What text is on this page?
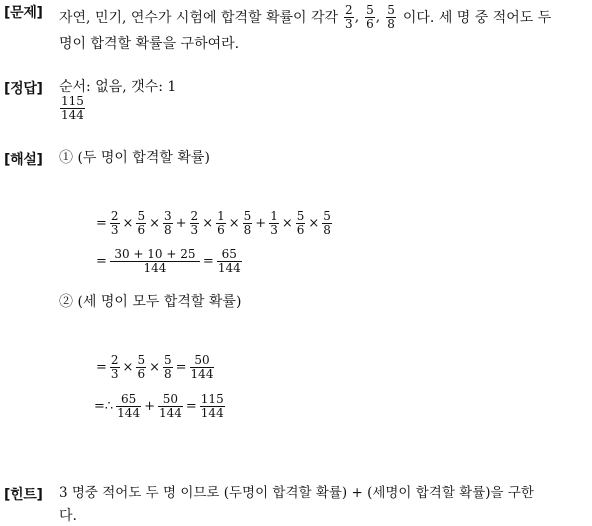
[문제] 자연, 민기, 연수가 시험에 합격할 확률이 각각 $\frac{2}{3}$ , $\frac{5}{6}$ , $\frac{5}{8}$ 이다. 세 명 중 적어도 두
명이 합격할 확률을 구하여라.
[정답] 순서: 없음, 갯수: 1
$\frac{115}{144}$
[해설] ① (두 명이 합격할 확률)
= $\frac{2}{3} \times \frac{5}{6} \times \frac{3}{8} + \frac{2}{3} \times \frac{1}{6} \times \frac{5}{8} + \frac{1}{3} \times \frac{5}{6} \times \frac{5}{8}$
= $\frac{30 + 10 + 25}{144} = \frac{65}{144}$
② (세 명이 모두 합격할 확률)
= $\frac{2}{3} \times \frac{5}{6} \times \frac{5}{8} = \frac{50}{144}$
=∴ $\frac{65}{144} + \frac{50}{144} = \frac{115}{144}$
[힌트] 3 명중 적어도 두 명 이므로 (두명이 합격할 확률) + (세명이 합격할 확률)을 구한
다.
